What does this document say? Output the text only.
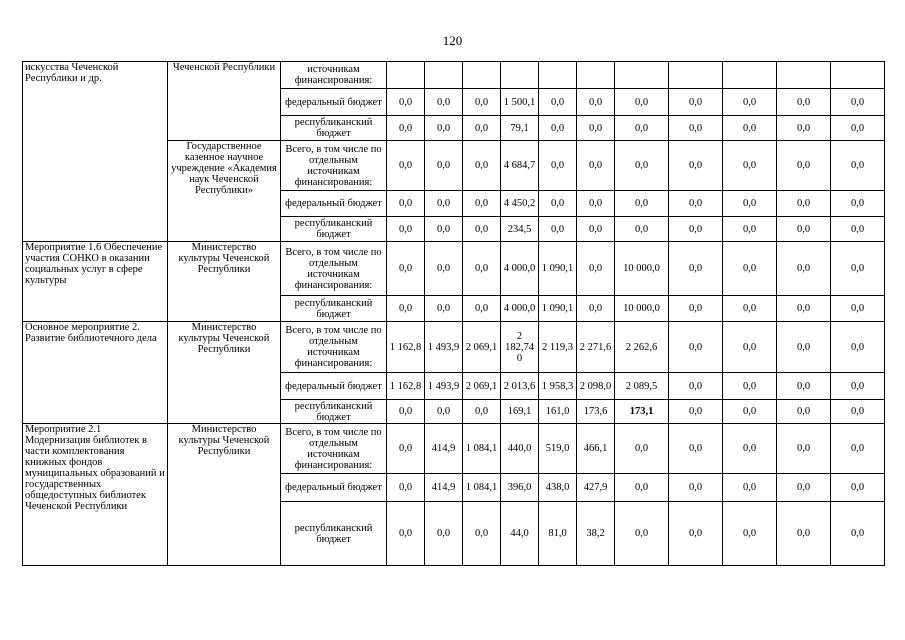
120
искусства Чеченской Республики и др.	Чеченской Республики	источникам финансирования:											
		федеральный бюджет	0,0	0,0	0,0	1 500,1	0,0	0,0	0,0	0,0	0,0	0,0	0,0
		республиканский бюджет	0,0	0,0	0,0	79,1	0,0	0,0	0,0	0,0	0,0	0,0	0,0
	Государственное казенное научное учреждение «Академия наук Чеченской Республики»	Всего, в том числе по отдельным источникам финансирования:	0,0	0,0	0,0	4 684,7	0,0	0,0	0,0	0,0	0,0	0,0	0,0
		федеральный бюджет	0,0	0,0	0,0	4 450,2	0,0	0,0	0,0	0,0	0,0	0,0	0,0
		республиканский бюджет	0,0	0,0	0,0	234,5	0,0	0,0	0,0	0,0	0,0	0,0	0,0
Мероприятие 1.6 Обеспечение участия СОНКО в оказании социальных услуг в сфере культуры	Министерство культуры Чеченской Республики	Всего, в том числе по отдельным источникам финансирования:	0,0	0,0	0,0	4 000,0	1 090,1	0,0	10 000,0	0,0	0,0	0,0	0,0
		республиканский бюджет	0,0	0,0	0,0	4 000,0	1 090,1	0,0	10 000,0	0,0	0,0	0,0	0,0
Основное мероприятие 2. Развитие библиотечного дела	Министерство культуры Чеченской Республики	Всего, в том числе по отдельным источникам финансирования:	1 162,8	1 493,9	2 069,1	2 182,74 0	2 119,3	2 271,6	2 262,6	0,0	0,0	0,0	0,0
		федеральный бюджет	1 162,8	1 493,9	2 069,1	2 013,6	1 958,3	2 098,0	2 089,5	0,0	0,0	0,0	0,0
		республиканский бюджет	0,0	0,0	0,0	169,1	161,0	173,6	173,1	0,0	0,0	0,0	0,0
Мероприятие 2.1 Модернизация библиотек в части комплектования книжных фондов муниципальных образований и государственных общедоступных библиотек Чеченской Республики	Министерство культуры Чеченской Республики	Всего, в том числе по отдельным источникам финансирования:	0,0	414,9	1 084,1	440,0	519,0	466,1	0,0	0,0	0,0	0,0	0,0
		федеральный бюджет	0,0	414,9	1 084,1	396,0	438,0	427,9	0,0	0,0	0,0	0,0	0,0
		республиканский бюджет	0,0	0,0	0,0	44,0	81,0	38,2	0,0	0,0	0,0	0,0	0,0
